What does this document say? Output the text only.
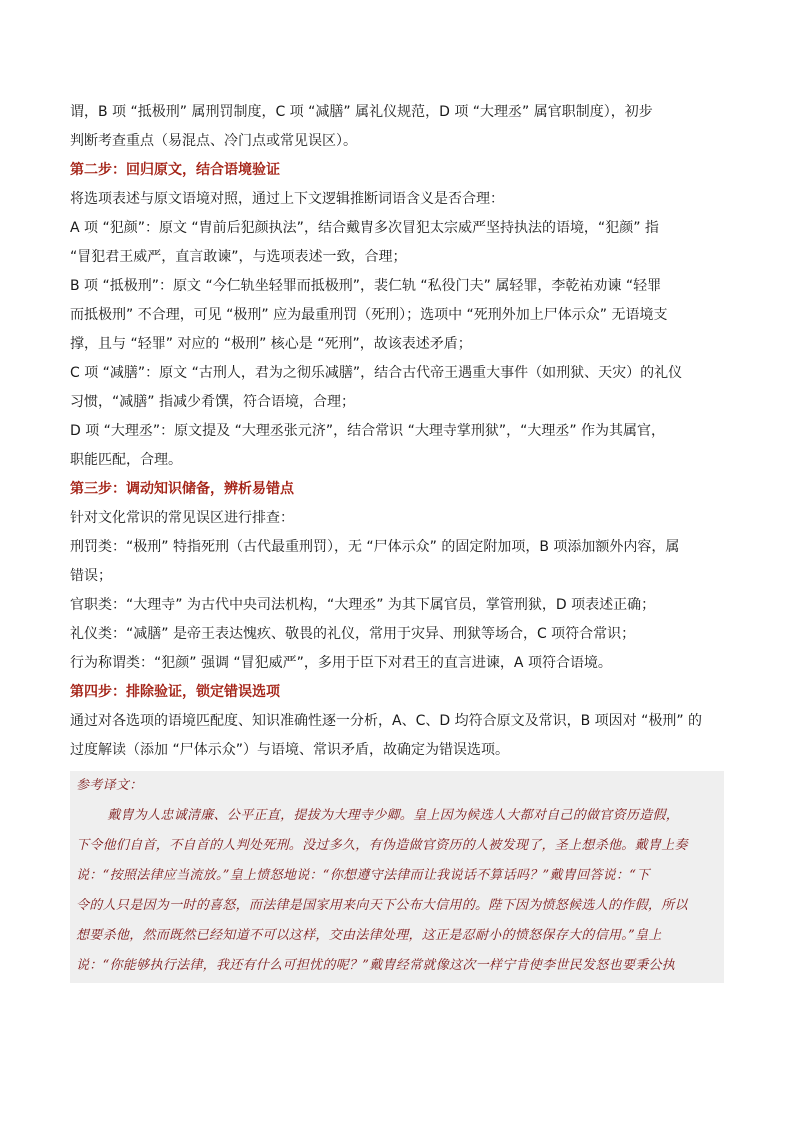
谓，B 项 “抵极刑” 属刑罚制度，C 项 “减膳” 属礼仪规范，D 项 “大理丞” 属官职制度），初步

判断考查重点（易混点、冷门点或常见误区）。

第二步：回归原文，结合语境验证

将选项表述与原文语境对照，通过上下文逻辑推断词语含义是否合理：

A 项 “犯颜”：原文 “胄前后犯颜执法”，结合戴胄多次冒犯太宗威严坚持执法的语境，“犯颜” 指

“冒犯君王威严，直言敢谏”，与选项表述一致，合理；

B 项 “抵极刑”：原文 “今仁轨坐轻罪而抵极刑”，裴仁轨 “私役门夫” 属轻罪，李乾祐劝谏 “轻罪

而抵极刑” 不合理，可见 “极刑” 应为最重刑罚（死刑）；选项中 “死刑外加上尸体示众” 无语境支

撑，且与 “轻罪” 对应的 “极刑” 核心是 “死刑”，故该表述矛盾；

C 项 “减膳”：原文 “古刑人，君为之彻乐减膳”，结合古代帝王遇重大事件（如刑狱、天灾）的礼仪

习惯，“减膳” 指减少肴馔，符合语境，合理；

D 项 “大理丞”：原文提及 “大理丞张元济”，结合常识 “大理寺掌刑狱”，“大理丞” 作为其属官，

职能匹配，合理。

第三步：调动知识储备，辨析易错点

针对文化常识的常见误区进行排查：

刑罚类：“极刑” 特指死刑（古代最重刑罚），无 “尸体示众” 的固定附加项，B 项添加额外内容，属

错误；

官职类：“大理寺” 为古代中央司法机构，“大理丞” 为其下属官员，掌管刑狱，D 项表述正确；

礼仪类：“减膳” 是帝王表达愧疚、敬畏的礼仪，常用于灾异、刑狱等场合，C 项符合常识；

行为称谓类：“犯颜” 强调 “冒犯威严”，多用于臣下对君王的直言进谏，A 项符合语境。

第四步：排除验证，锁定错误选项

通过对各选项的语境匹配度、知识准确性逐一分析，A、C、D 均符合原文及常识，B 项因对 “极刑” 的

过度解读（添加 “尸体示众”）与语境、常识矛盾，故确定为错误选项。

参考译文：

戴胄为人忠诚清廉、公平正直，提拔为大理寺少卿。皇上因为候选人大都对自己的做官资历造假，

下令他们自首，不自首的人判处死刑。没过多久，有伪造做官资历的人被发现了，圣上想杀他。戴胄上奏

说：“按照法律应当流放。”皇上愤怒地说：“你想遵守法律而让我说话不算话吗？”戴胄回答说：“下

令的人只是因为一时的喜怒，而法律是国家用来向天下公布大信用的。陛下因为愤怒候选人的作假，所以

想要杀他，然而既然已经知道不可以这样，交由法律处理，这正是忍耐小的愤怒保存大的信用。”皇上

说：“你能够执行法律，我还有什么可担忧的呢？”戴胄经常就像这次一样宁肯使李世民发怒也要秉公执
